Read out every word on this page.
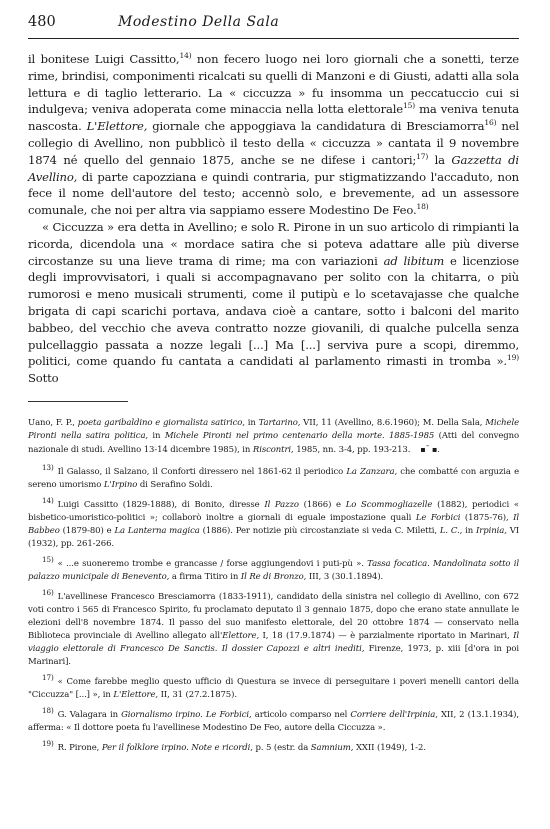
480	Modestino Della Sala

il bonitese Luigi Cassitto,$^{14)}$ non fecero luogo nei loro giornali che a sonetti, terze rime, brindisi, componimenti ricalcati su quelli di Manzoni e di Giusti, adatti alla sola lettura e di taglio letterario. La « ciccuzza » fu insomma un peccatuccio cui si indulgeva; veniva adoperata come minaccia nella lotta elettorale$^{15)}$ ma veniva tenuta nascosta. L'Elettore, giornale che appoggiava la candidatura di Bresciamorra$^{16)}$ nel collegio di Avellino, non pubblicò il testo della « ciccuzza » cantata il 9 novembre 1874 né quello del gennaio 1875, anche se ne difese i cantori;$^{17)}$ la Gazzetta di Avellino, di parte capozziana e quindi contraria, pur stigmatizzando l'accaduto, non fece il nome dell'autore del testo; accennò solo, e brevemente, ad un assessore comunale, che noi per altra via sappiamo essere Modestino De Feo.$^{18)}$

« Ciccuzza » era detta in Avellino; e solo R. Pirone in un suo articolo di rimpianti la ricorda, dicendola una « mordace satira che si poteva adattare alle più diverse circostanze su una lieve trama di rime; ma con variazioni ad libitum e licenziose degli improvvisatori, i quali si accompagnavano per solito con la chitarra, o più rumorosi e meno musicali strumenti, come il putipù e lo scetavajasse che qualche brigata di capi scarichi portava, andava cioè a cantare, sotto i balconi del marito babbeo, del vecchio che aveva contratto nozze giovanili, di qualche pulcella senza pulcellaggio passata a nozze legali [...] Ma [...] serviva pure a scopi, diremmo, politici, come quando fu cantata a candidati al parlamento rimasti in tromba ».$^{19)}$ Sotto

Uano, F. P., poeta garibaldino e giornalista satirico, in Tartarino, VII, 11 (Avellino, 8.6.1960); M. Della Sala, Michele Pironti nella satira politica, in Michele Pironti nel primo centenario della morte. 1885-1985 (Atti del convegno nazionale di studi. Avellino 13-14 dicembre 1985), in Riscontri, 1985, nn. 3-4, pp. 193-213. ▪ˉ ▪.

$^{13)}$ Il Galasso, il Salzano, il Conforti diressero nel 1861-62 il periodico La Zanzara, che combatté con arguzia e sereno umorismo L'Irpino di Serafino Soldi.

$^{14)}$ Luigi Cassitto (1829-1888), di Bonito, diresse Il Pazzo (1866) e Lo Scommogliazelle (1882), periodici « bisbetico-umoristico-politici »; collaborò inoltre a giornali di eguale impostazione quali Le Forbici (1875-76), Il Babbeo (1879-80) e La Lanterna magica (1886). Per notizie più circostanziate si veda C. Miletti, L. C., in Irpinia, VI (1932), pp. 261-266.

$^{15)}$ « ...e suoneremo trombe e grancasse / forse aggiungendovi i puti-pù ». Tassa focatica. Mandolinata sotto il palazzo municipale di Benevento, a firma Titiro in Il Re di Bronzo, III, 3 (30.1.1894).

$^{16)}$ L'avellinese Francesco Bresciamorra (1833-1911), candidato della sinistra nel collegio di Avellino, con 672 voti contro i 565 di Francesco Spirito, fu proclamato deputato il 3 gennaio 1875, dopo che erano state annullate le elezioni dell'8 novembre 1874. Il passo del suo manifesto elettorale, del 20 ottobre 1874 — conservato nella Biblioteca provinciale di Avellino allegato all'Elettore, I, 18 (17.9.1874) — è parzialmente riportato in Marinari, Il viaggio elettorale di Francesco De Sanctis. Il dossier Capozzi e altri inediti, Firenze, 1973, p. xiii [d'ora in poi Marinari].

$^{17)}$ « Come farebbe meglio questo ufficio di Questura se invece di perseguitare i poveri menelli cantori della "Ciccuzza" [...] », in L'Elettore, II, 31 (27.2.1875).

$^{18)}$ G. Valagara in Giornalismo irpino. Le Forbici, articolo comparso nel Corriere dell'Irpinia, XII, 2 (13.1.1934), afferma: « Il dottore poeta fu l'avellinese Modestino De Feo, autore della Ciccuzza ».

$^{19)}$ R. Pirone, Per il folklore irpino. Note e ricordi, p. 5 (estr. da Samnium, XXII (1949), 1-2.
